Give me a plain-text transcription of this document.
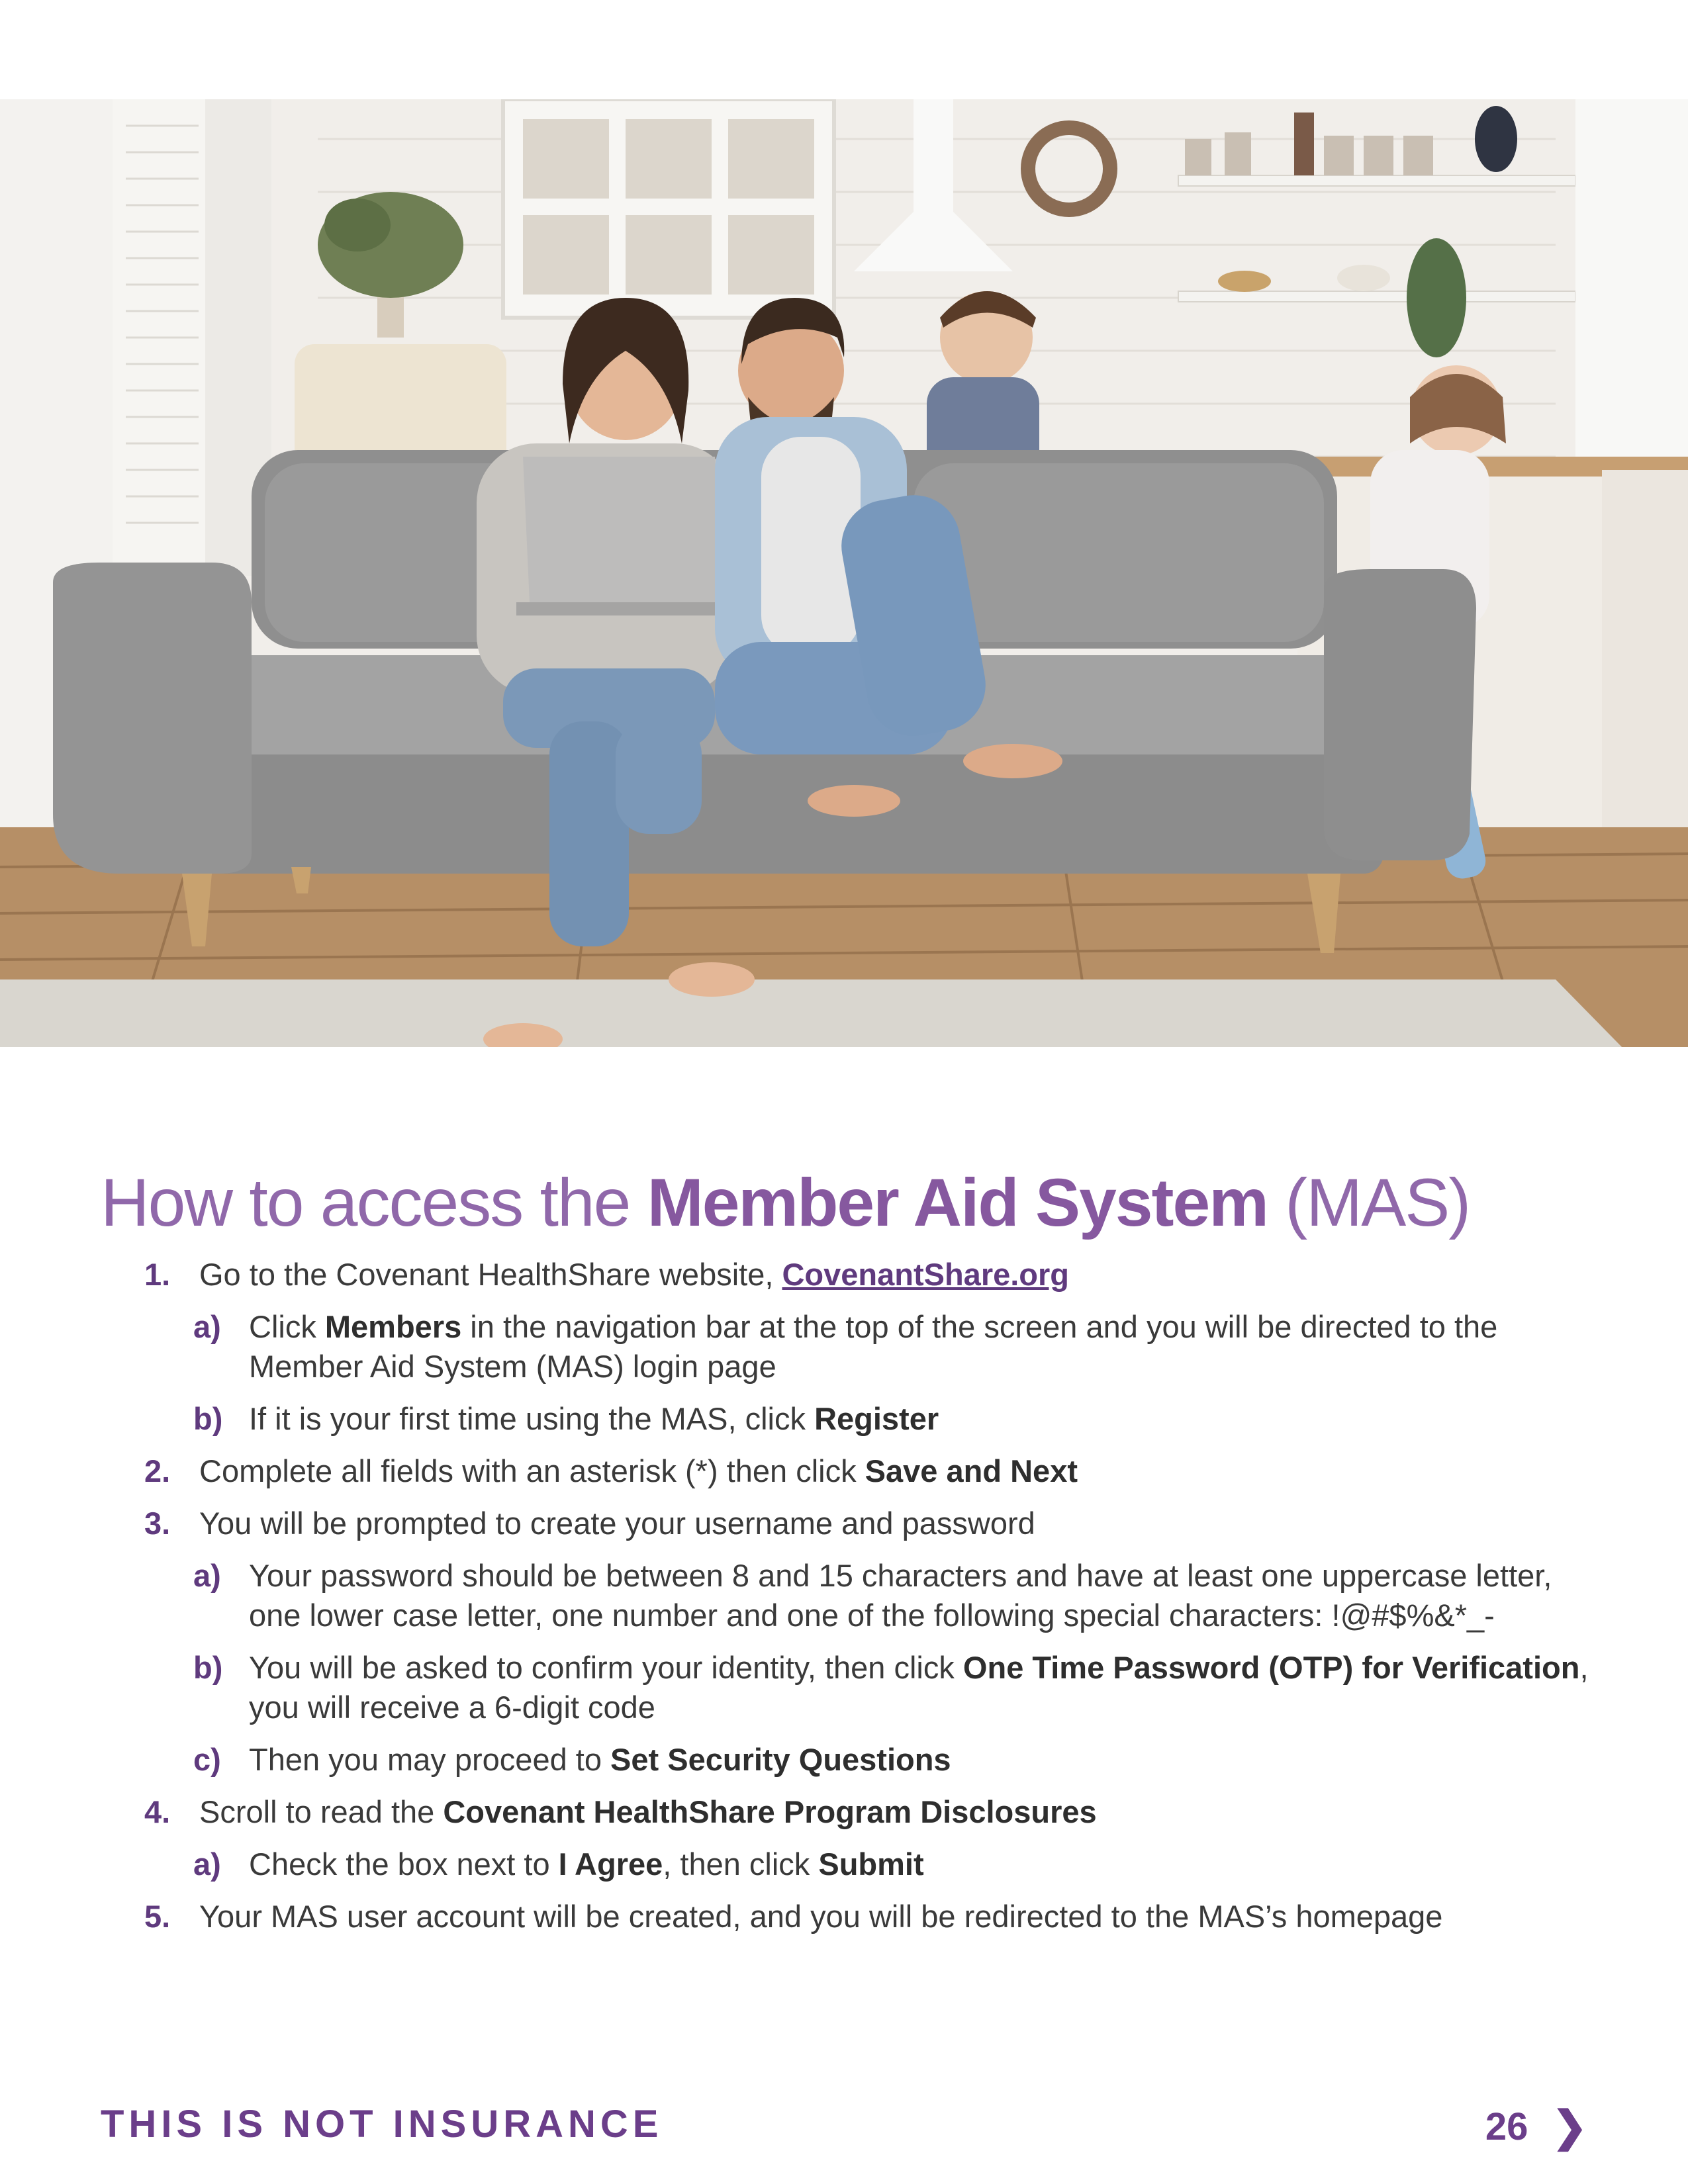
How to access the Member Aid System (MAS)
1. Go to the Covenant HealthShare website, CovenantShare.org
a) Click Members in the navigation bar at the top of the screen and you will be directed to the Member Aid System (MAS) login page
b) If it is your first time using the MAS, click Register
2. Complete all fields with an asterisk (*) then click Save and Next
3. You will be prompted to create your username and password
a) Your password should be between 8 and 15 characters and have at least one uppercase letter, one lower case letter, one number and one of the following special characters: !@#$%&*_-
b) You will be asked to confirm your identity, then click One Time Password (OTP) for Verification, you will receive a 6-digit code
c) Then you may proceed to Set Security Questions
4. Scroll to read the Covenant HealthShare Program Disclosures
a) Check the box next to I Agree, then click Submit
5. Your MAS user account will be created, and you will be redirected to the MAS’s homepage
THIS IS NOT INSURANCE	26 ❯
